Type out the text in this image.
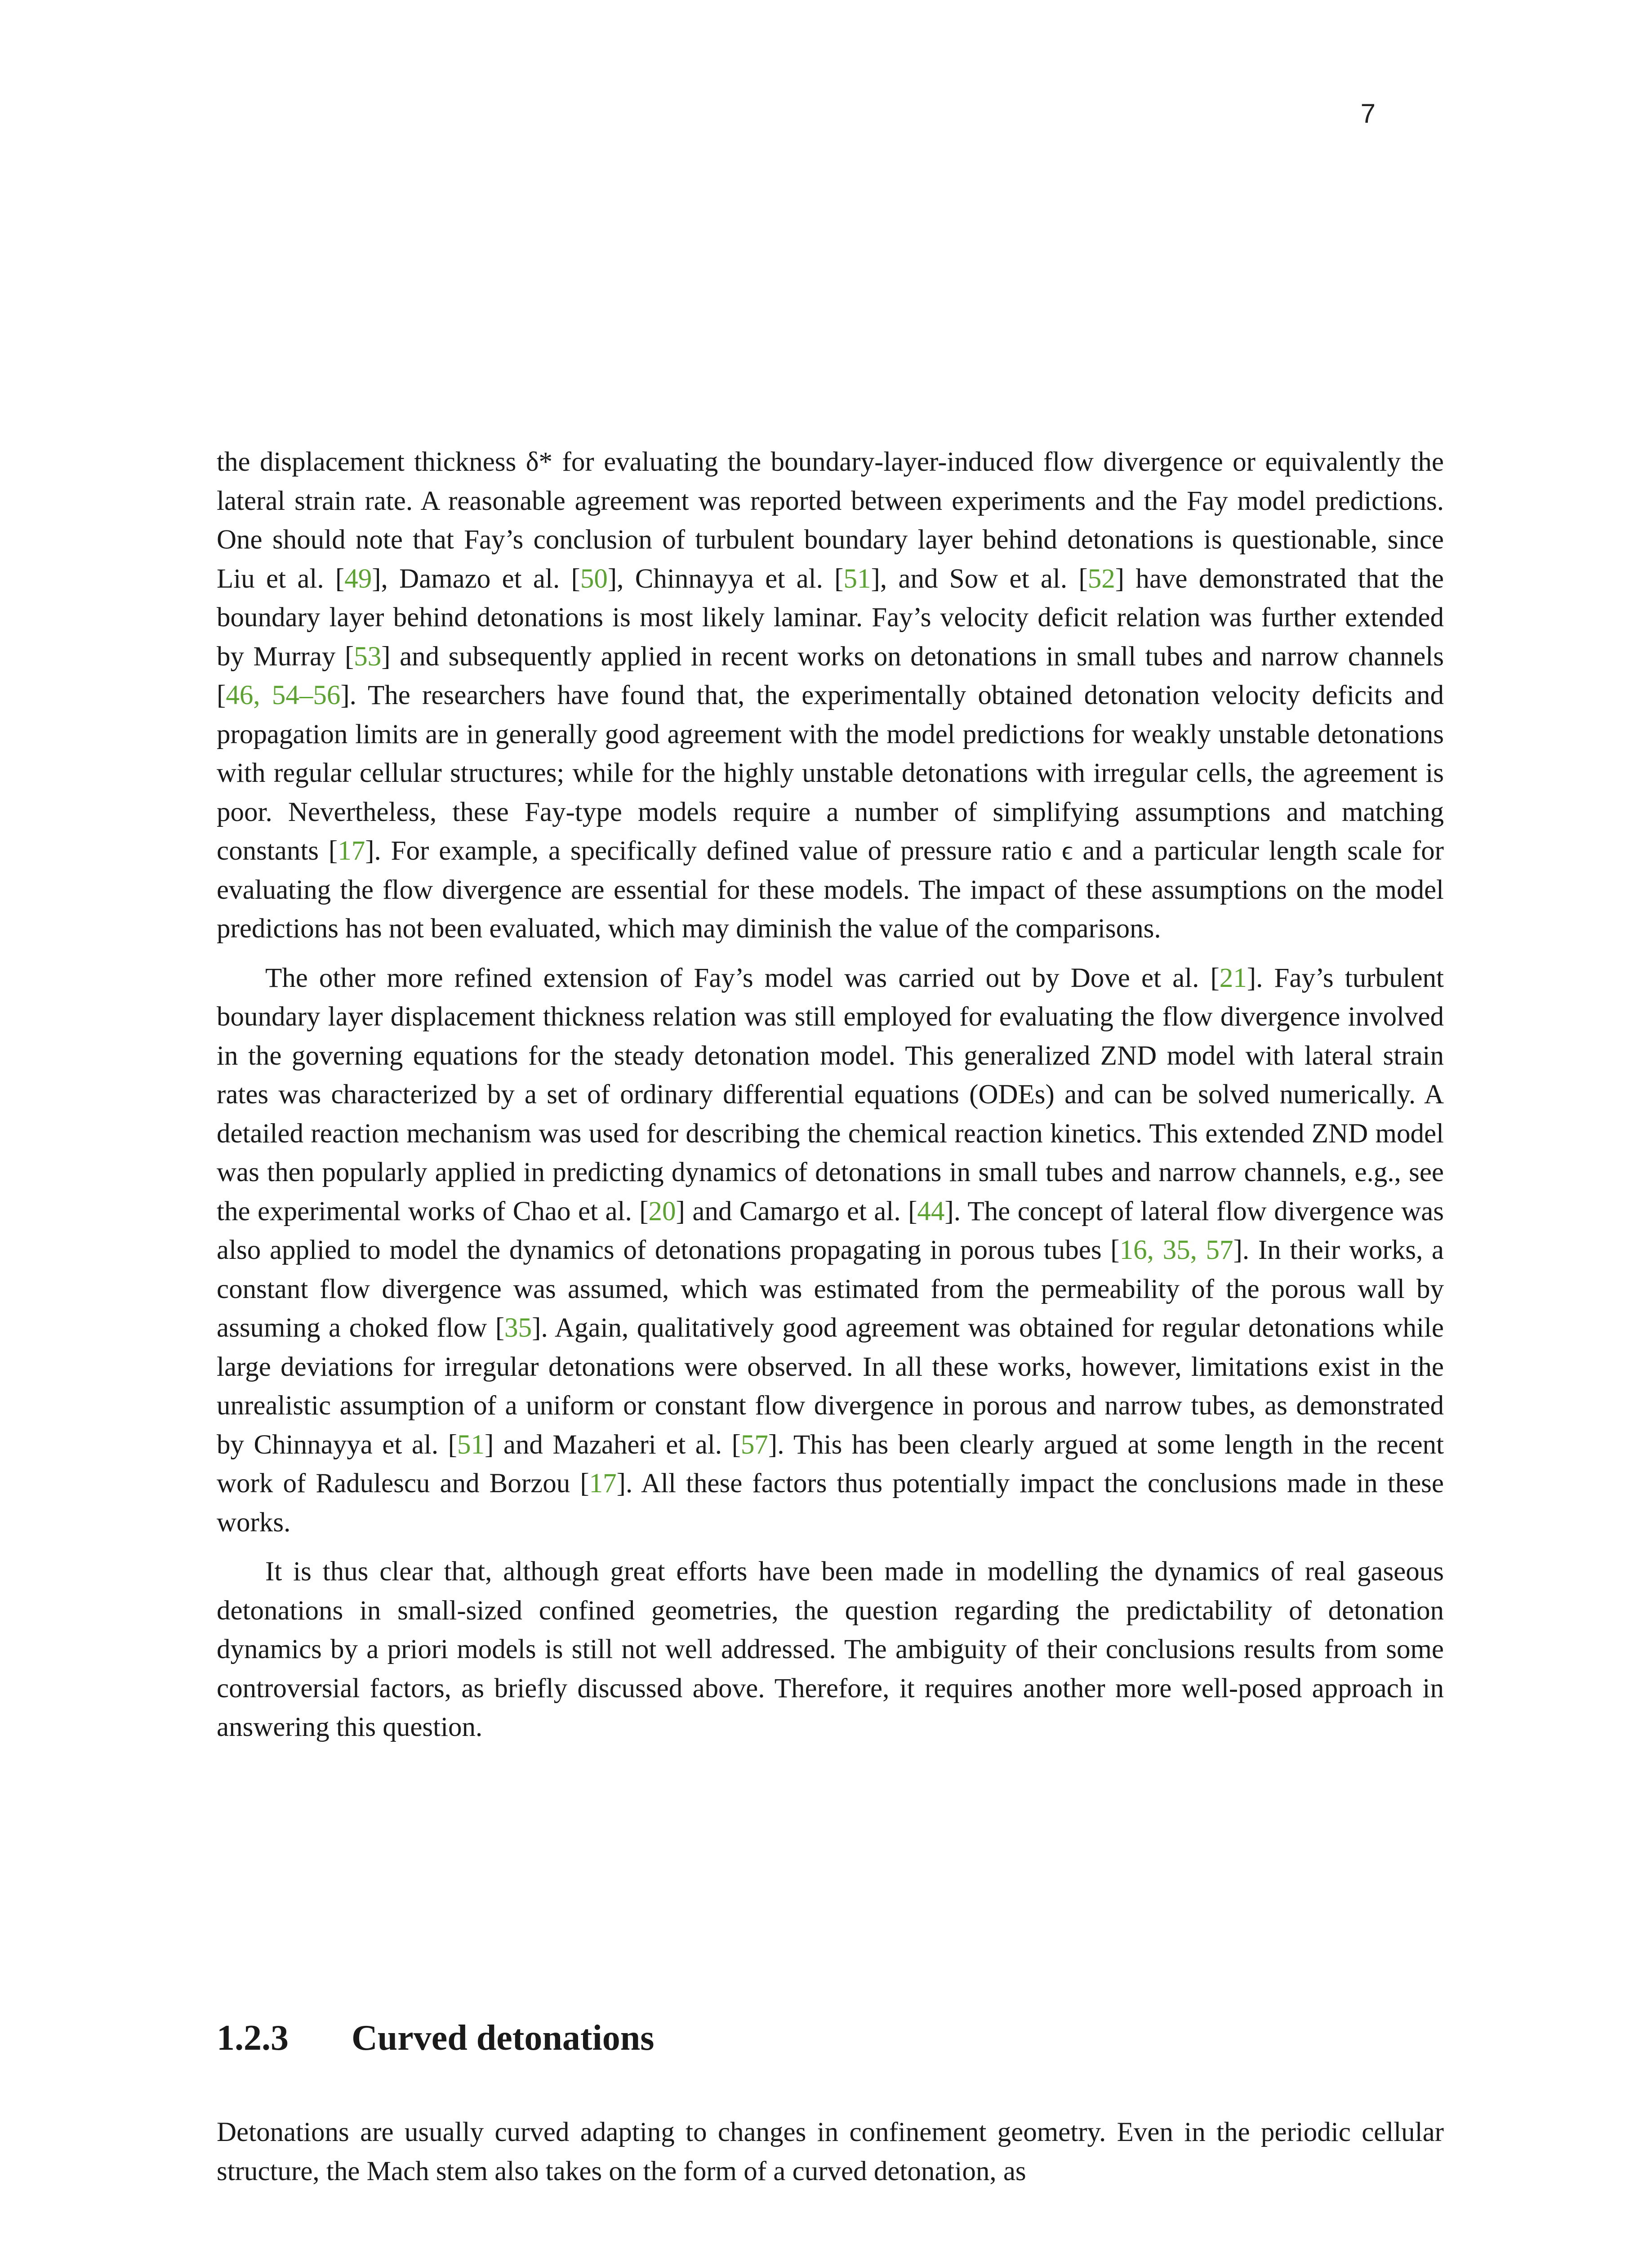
7

the displacement thickness δ* for evaluating the boundary-layer-induced flow divergence or equivalently the lateral strain rate. A reasonable agreement was reported between experiments and the Fay model predictions. One should note that Fay’s conclusion of turbulent boundary layer behind detonations is questionable, since Liu et al. [49], Damazo et al. [50], Chinnayya et al. [51], and Sow et al. [52] have demonstrated that the boundary layer behind detonations is most likely laminar. Fay’s velocity deficit relation was further extended by Murray [53] and subsequently applied in recent works on detonations in small tubes and narrow channels [46, 54–56]. The researchers have found that, the experimentally obtained detonation velocity deficits and propagation limits are in generally good agreement with the model predictions for weakly unstable detonations with regular cellular structures; while for the highly unstable detonations with irregular cells, the agreement is poor. Nevertheless, these Fay-type models require a number of simplifying assumptions and matching constants [17]. For example, a specifically defined value of pressure ratio ϵ and a particular length scale for evaluating the flow divergence are essential for these models. The impact of these assumptions on the model predictions has not been evaluated, which may diminish the value of the comparisons.

The other more refined extension of Fay’s model was carried out by Dove et al. [21]. Fay’s turbulent boundary layer displacement thickness relation was still employed for evaluating the flow divergence involved in the governing equations for the steady detonation model. This generalized ZND model with lateral strain rates was characterized by a set of ordinary differential equations (ODEs) and can be solved numerically. A detailed reaction mechanism was used for describing the chemical reaction kinetics. This extended ZND model was then popularly applied in predicting dynamics of detonations in small tubes and narrow channels, e.g., see the experimental works of Chao et al. [20] and Camargo et al. [44]. The concept of lateral flow divergence was also applied to model the dynamics of detonations propagating in porous tubes [16, 35, 57]. In their works, a constant flow divergence was assumed, which was estimated from the permeability of the porous wall by assuming a choked flow [35]. Again, qualitatively good agreement was obtained for regular detonations while large deviations for irregular detonations were observed. In all these works, however, limitations exist in the unrealistic assumption of a uniform or constant flow divergence in porous and narrow tubes, as demonstrated by Chinnayya et al. [51] and Mazaheri et al. [57]. This has been clearly argued at some length in the recent work of Radulescu and Borzou [17]. All these factors thus potentially impact the conclusions made in these works.

It is thus clear that, although great efforts have been made in modelling the dynamics of real gaseous detonations in small-sized confined geometries, the question regarding the predictability of detonation dynamics by a priori models is still not well addressed. The ambiguity of their conclusions results from some controversial factors, as briefly discussed above. Therefore, it requires another more well-posed approach in answering this question.

1.2.3 Curved detonations

Detonations are usually curved adapting to changes in confinement geometry. Even in the periodic cellular structure, the Mach stem also takes on the form of a curved detonation, as
